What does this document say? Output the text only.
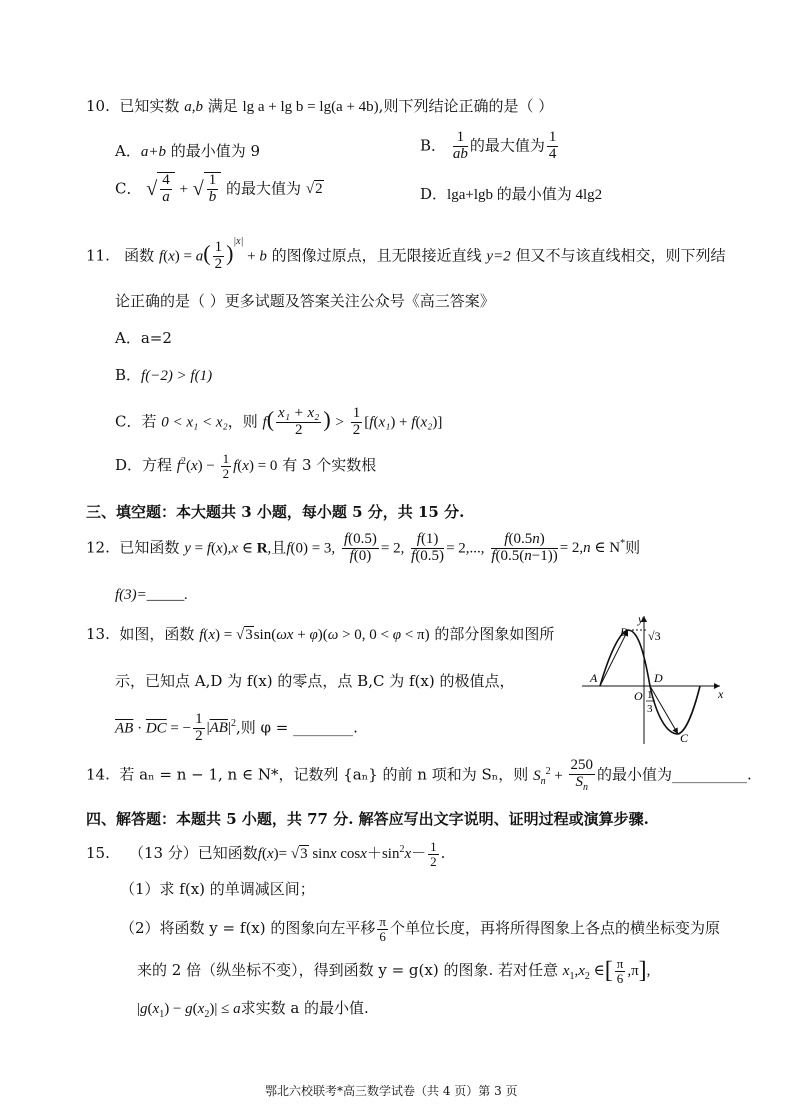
10. 已知实数 a,b 满足 lg a + lg b = lg(a + 4b),则下列结论正确的是（ ）
A．a+b 的最小值为 9	B． $\frac{1}{ab}$ 的最大值为 $\frac{1}{4}$
C． √ $\frac{4}{a}$ + √ $\frac{1}{b}$ 的最大值为 √2	D．lga+lgb 的最小值为 4lg2
11. 函数 $f(x) = a( \frac{1}{2} )^{|x|} + b$ 的图像过原点，且无限接近直线 y=2 但又不与该直线相交，则下列结
论正确的是（ ）更多试题及答案关注公众号《高三答案》
A．a=2
B．f(−2) > f(1)
C．若 0 < x₁ < x₂，则 $f( \frac{\text{x₁ + x₂}}{2}$ ) > $\frac{1}{2} [f(x_1) + f(x_2)]$
D．方程 $f^2(x) - \frac{1}{2} f(x) = 0$ 有 3 个实数根
三、填空题：本大题共 3 小题，每小题 5 分，共 15 分.
12. 已知函数 y = f(x),x ∈ R,且f(0) = 3, $\frac{f(0.5)}{f(0)} = 2$, $\frac{f(1)}{f(0.5)} = 2$,..., $\frac{f(0.5n)}{f(0.5(n-1))} = 2,n$ ∈ N*则
f(3)=_____.
13. 如图，函数 f(x) = √3sin(ωx + φ)(ω > 0, 0 < φ < π) 的部分图象如图所
示，已知点 A,D 为 f(x) 的零点，点 B,C 为 f(x) 的极值点，
$\overline{AB} \cdot \overline{DC}$ = − $\frac{1}{2} |\overline{AB}|^2$,则 φ = ________.
y
B √3
A	D
O 1
3
x
C
14. 若 aₙ = n − 1, n ∈ N*，记数列 {aₙ} 的前 n 项和为 Sₙ，则 $S_n^2 + \frac{250}{S_n}$ 的最小值为__________.
四、解答题：本题共 5 小题，共 77 分. 解答应写出文字说明、证明过程或演算步骤.
15. （13 分）已知函数f(x)= √3 sinx $\cos x+\sin^2x- \frac{1}{2}$ .
（1）求 f(x) 的单调减区间；
（2）将函数 y = f(x) 的图象向左平移 $\frac{\pi}{6}$ 个单位长度，再将所得图象上各点的横坐标变为原
来的 2 倍（纵坐标不变），得到函数 y = g(x) 的图象. 若对任意 $x_1,x_2$ ∈[ $\frac{\pi}{6} ,\pi$],
$|g(x_1) - g(x_2)| \le a$求实数 a 的最小值.
鄂北六校联考*高三数学试卷（共 4 页）第 3 页
